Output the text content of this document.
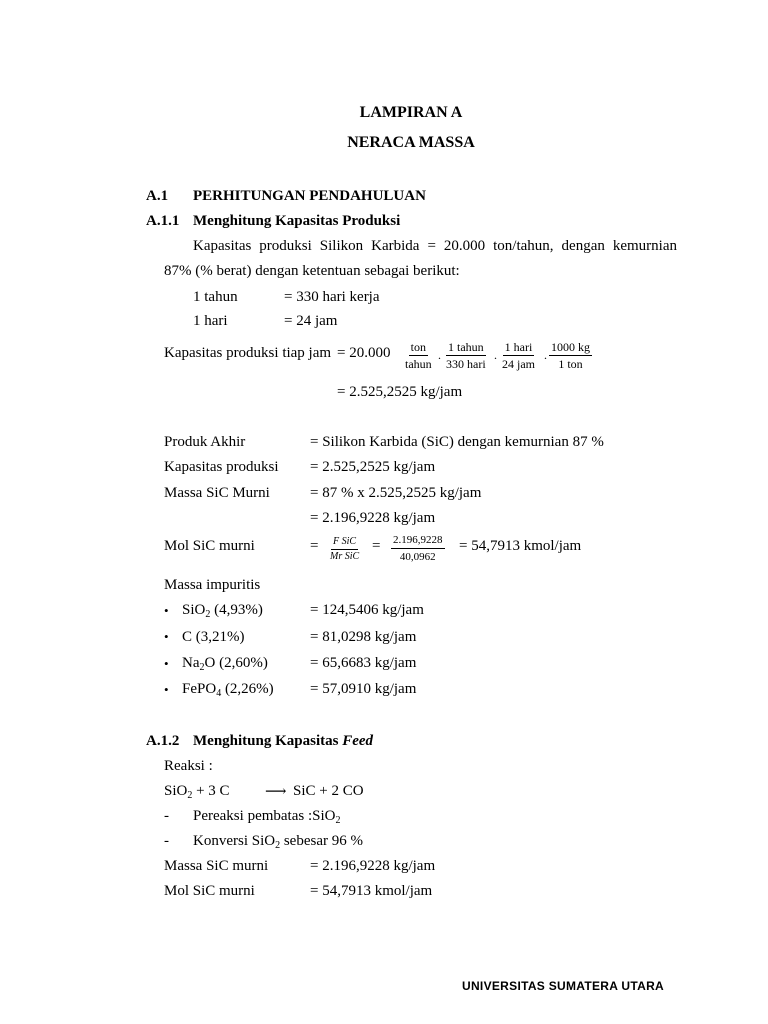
LAMPIRAN A
NERACA MASSA
A.1 PERHITUNGAN PENDAHULUAN
A.1.1 Menghitung Kapasitas Produksi
Kapasitas produksi Silikon Karbida = 20.000 ton/tahun, dengan kemurnian
87% (% berat) dengan ketentuan sebagai berikut:
1 tahun	= 330 hari kerja
1 hari	= 24 jam
Kapasitas produksi tiap jam = 20.000 ton
tahun
.
1 tahun
330 hari
.
1 hari
24 jam
.
1000 kg
1 ton
= 2.525,2525 kg/jam
Produk Akhir	= Silikon Karbida (SiC) dengan kemurnian 87 %
Kapasitas produksi = 2.525,2525 kg/jam
Massa SiC Murni	= 87 % x 2.525,2525 kg/jam
= 2.196,9228 kg/jam
Mol SiC murni	= F SiC
Mr SiC
= $\frac{2.196,9228}{40,0962} = 54,7913$ kmol/jam
Massa impuritis
• SiO$_2$ (4,93%)	= 124,5406 kg/jam
• C (3,21%)	= 81,0298 kg/jam
• $Na_2O$ (2,60%)	= 65,6683 kg/jam
• FePO$_4$ (2,26%) = 57,0910 kg/jam
A.1.2 Menghitung Kapasitas Feed
Reaksi :
SiO$_2$ + 3 C ⟶ SiC + 2 CO
- Pereaksi pembatas :SiO$_2$
- Konversi SiO$_2$ sebesar 96 %
Massa SiC murni	= 2.196,9228 kg/jam
Mol SiC murni	= 54,7913 kmol/jam
UNIVERSITAS SUMATERA UTARA
